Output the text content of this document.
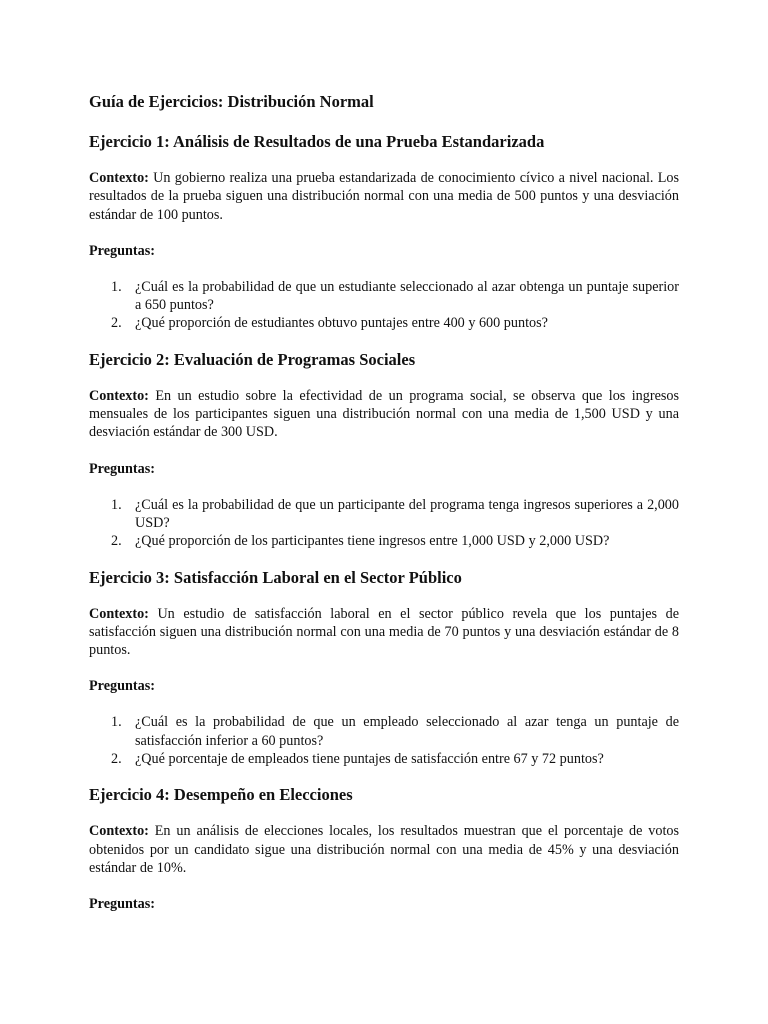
Guía de Ejercicios: Distribución Normal
Ejercicio 1: Análisis de Resultados de una Prueba Estandarizada
Contexto: Un gobierno realiza una prueba estandarizada de conocimiento cívico a nivel nacional. Los resultados de la prueba siguen una distribución normal con una media de 500 puntos y una desviación estándar de 100 puntos.
Preguntas:
1. ¿Cuál es la probabilidad de que un estudiante seleccionado al azar obtenga un puntaje superior a 650 puntos?
2. ¿Qué proporción de estudiantes obtuvo puntajes entre 400 y 600 puntos?
Ejercicio 2: Evaluación de Programas Sociales
Contexto: En un estudio sobre la efectividad de un programa social, se observa que los ingresos mensuales de los participantes siguen una distribución normal con una media de 1,500 USD y una desviación estándar de 300 USD.
Preguntas:
1. ¿Cuál es la probabilidad de que un participante del programa tenga ingresos superiores a 2,000 USD?
2. ¿Qué proporción de los participantes tiene ingresos entre 1,000 USD y 2,000 USD?
Ejercicio 3: Satisfacción Laboral en el Sector Público
Contexto: Un estudio de satisfacción laboral en el sector público revela que los puntajes de satisfacción siguen una distribución normal con una media de 70 puntos y una desviación estándar de 8 puntos.
Preguntas:
1. ¿Cuál es la probabilidad de que un empleado seleccionado al azar tenga un puntaje de satisfacción inferior a 60 puntos?
2. ¿Qué porcentaje de empleados tiene puntajes de satisfacción entre 67 y 72 puntos?
Ejercicio 4: Desempeño en Elecciones
Contexto: En un análisis de elecciones locales, los resultados muestran que el porcentaje de votos obtenidos por un candidato sigue una distribución normal con una media de 45% y una desviación estándar de 10%.
Preguntas:
